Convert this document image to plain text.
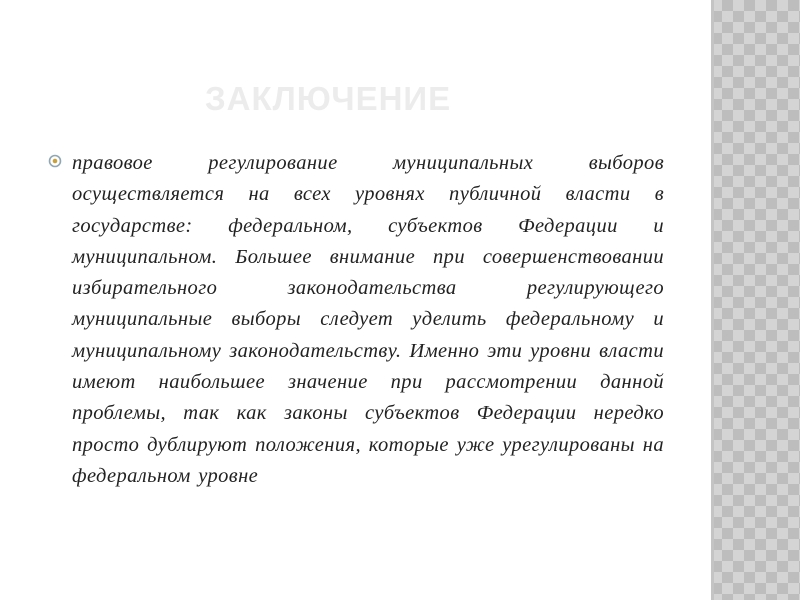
ЗАКЛЮЧЕНИЕ

правовое регулирование муниципальных выборов осуществляется на всех уровнях публичной власти в государстве: федеральном, субъектов Федерации и муниципальном. Большее внимание при совершенствовании избирательного законодательства регулирующего муниципальные выборы следует уделить федеральному и муниципальному законодательству. Именно эти уровни власти имеют наибольшее значение при рассмотрении данной проблемы, так как законы субъектов Федерации нередко просто дублируют положения, которые уже урегулированы на федеральном уровне
